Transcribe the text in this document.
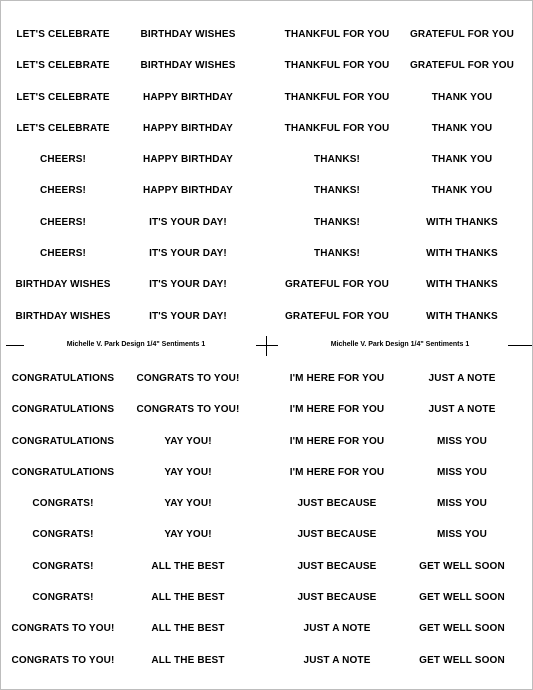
LET'S CELEBRATE	BIRTHDAY WISHES	THANKFUL FOR YOU	GRATEFUL FOR YOU
LET'S CELEBRATE	BIRTHDAY WISHES	THANKFUL FOR YOU	GRATEFUL FOR YOU
LET'S CELEBRATE	HAPPY BIRTHDAY	THANKFUL FOR YOU	THANK YOU
LET'S CELEBRATE	HAPPY BIRTHDAY	THANKFUL FOR YOU	THANK YOU
CHEERS!	HAPPY BIRTHDAY	THANKS!	THANK YOU
CHEERS!	HAPPY BIRTHDAY	THANKS!	THANK YOU
CHEERS!	IT'S YOUR DAY!	THANKS!	WITH THANKS
CHEERS!	IT'S YOUR DAY!	THANKS!	WITH THANKS
BIRTHDAY WISHES	IT'S YOUR DAY!	GRATEFUL FOR YOU	WITH THANKS
BIRTHDAY WISHES	IT'S YOUR DAY!	GRATEFUL FOR YOU	WITH THANKS
Michelle V. Park Design 1/4" Sentiments 1	Michelle V. Park Design 1/4" Sentiments 1
CONGRATULATIONS	CONGRATS TO YOU!	I'M HERE FOR YOU	JUST A NOTE
CONGRATULATIONS	CONGRATS TO YOU!	I'M HERE FOR YOU	JUST A NOTE
CONGRATULATIONS	YAY YOU!	I'M HERE FOR YOU	MISS YOU
CONGRATULATIONS	YAY YOU!	I'M HERE FOR YOU	MISS YOU
CONGRATS!	YAY YOU!	JUST BECAUSE	MISS YOU
CONGRATS!	YAY YOU!	JUST BECAUSE	MISS YOU
CONGRATS!	ALL THE BEST	JUST BECAUSE	GET WELL SOON
CONGRATS!	ALL THE BEST	JUST BECAUSE	GET WELL SOON
CONGRATS TO YOU!	ALL THE BEST	JUST A NOTE	GET WELL SOON
CONGRATS TO YOU!	ALL THE BEST	JUST A NOTE	GET WELL SOON
